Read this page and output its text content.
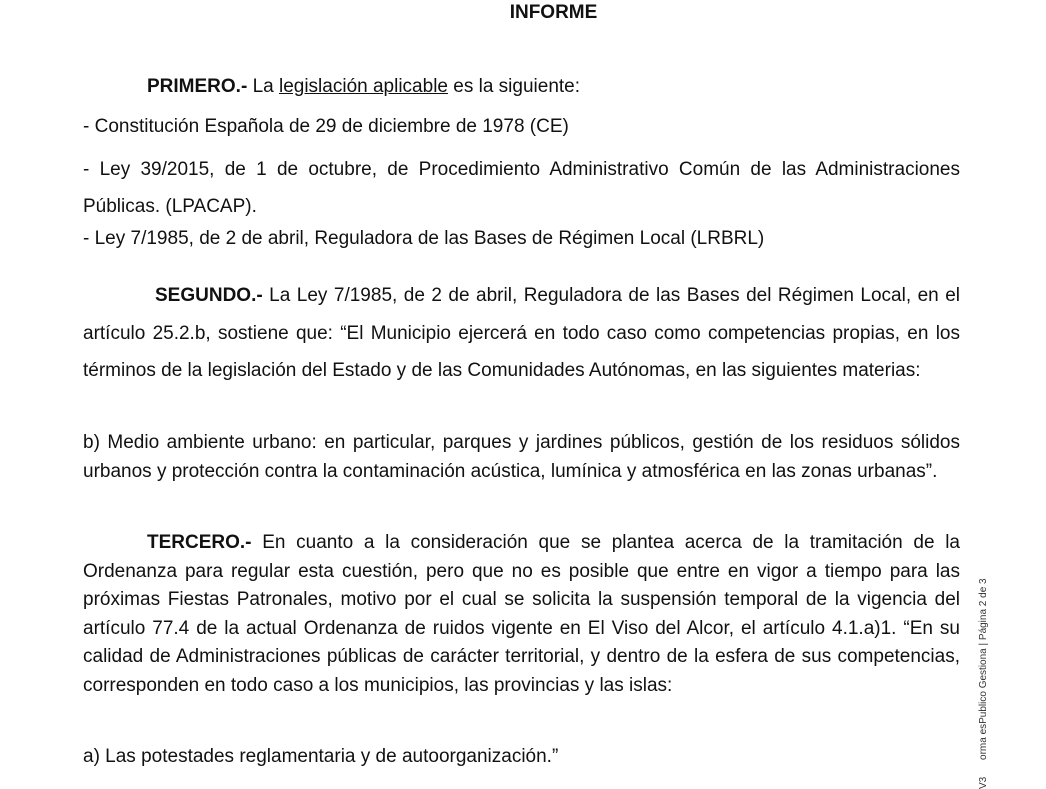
INFORME

PRIMERO.- La legislación aplicable es la siguiente:

- Constitución Española de 29 de diciembre de 1978 (CE)

- Ley 39/2015, de 1 de octubre, de Procedimiento Administrativo Común de las Administraciones Públicas. (LPACAP).

- Ley 7/1985, de 2 de abril, Reguladora de las Bases de Régimen Local (LRBRL)

SEGUNDO.- La Ley 7/1985, de 2 de abril, Reguladora de las Bases del Régimen Local, en el artículo 25.2.b, sostiene que: “El Municipio ejercerá en todo caso como competencias propias, en los términos de la legislación del Estado y de las Comunidades Autónomas, en las siguientes materias:

b) Medio ambiente urbano: en particular, parques y jardines públicos, gestión de los residuos sólidos urbanos y protección contra la contaminación acústica, lumínica y atmosférica en las zonas urbanas”.

TERCERO.- En cuanto a la consideración que se plantea acerca de la tramitación de la Ordenanza para regular esta cuestión, pero que no es posible que entre en vigor a tiempo para las próximas Fiestas Patronales, motivo por el cual se solicita la suspensión temporal de la vigencia del artículo 77.4 de la actual Ordenanza de ruidos vigente en El Viso del Alcor, el artículo 4.1.a)1. “En su calidad de Administraciones públicas de carácter territorial, y dentro de la esfera de sus competencias, corresponden en todo caso a los municipios, las provincias y las islas:

a) Las potestades reglamentaria y de autoorganización.”

V3 orma esPublico Gestiona | Página 2 de 3
